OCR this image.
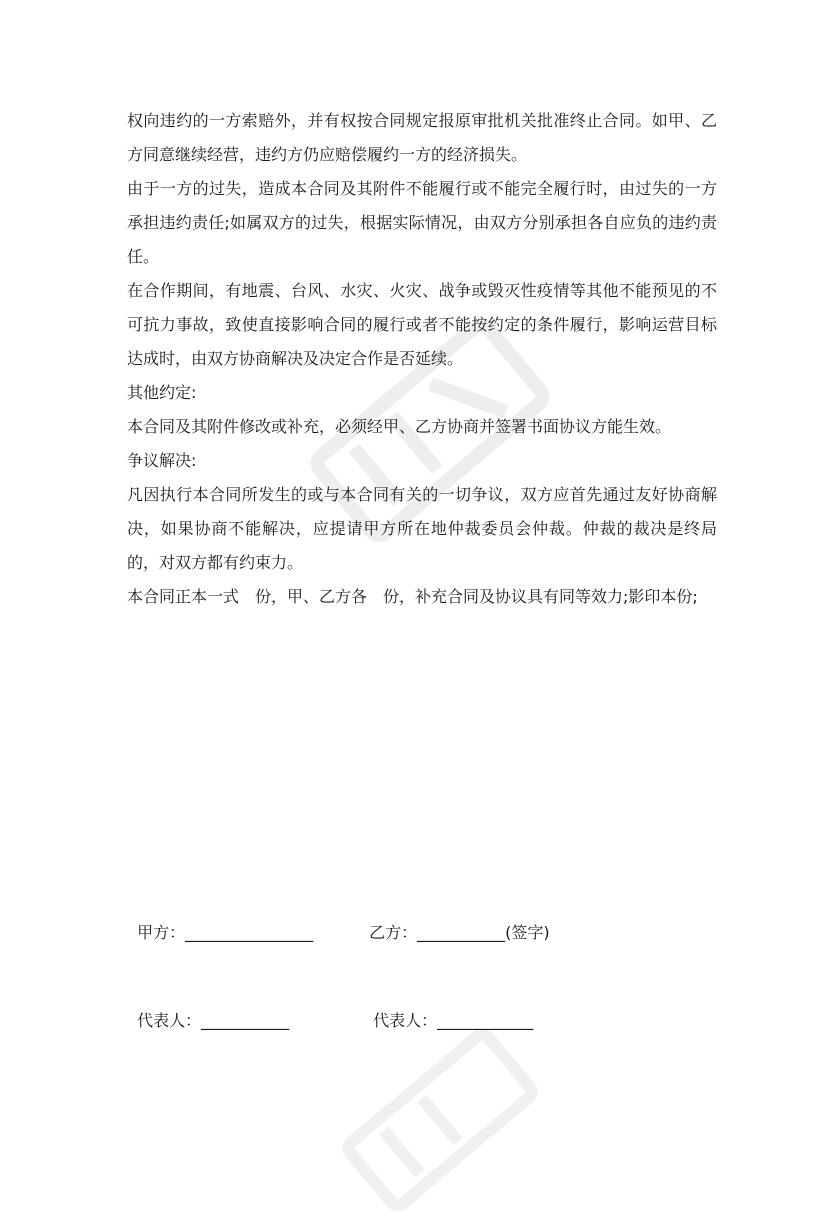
权向违约的一方索赔外，并有权按合同规定报原审批机关批准终止合同。如甲、乙方同意继续经营，违约方仍应赔偿履约一方的经济损失。

由于一方的过失，造成本合同及其附件不能履行或不能完全履行时，由过失的一方承担违约责任;如属双方的过失，根据实际情况，由双方分别承担各自应负的违约责任。

在合作期间，有地震、台风、水灾、火灾、战争或毁灭性疫情等其他不能预见的不可抗力事故，致使直接影响合同的履行或者不能按约定的条件履行，影响运营目标达成时，由双方协商解决及决定合作是否延续。

其他约定:

本合同及其附件修改或补充，必须经甲、乙方协商并签署书面协议方能生效。

争议解决:

凡因执行本合同所发生的或与本合同有关的一切争议，双方应首先通过友好协商解决，如果协商不能解决，应提请甲方所在地仲裁委员会仲裁。仲裁的裁决是终局的，对双方都有约束力。

本合同正本一式　份，甲、乙方各　份，补充合同及协议具有同等效力;影印本份;

甲方：________________	乙方：___________(签字)

代表人：___________	代表人：____________
